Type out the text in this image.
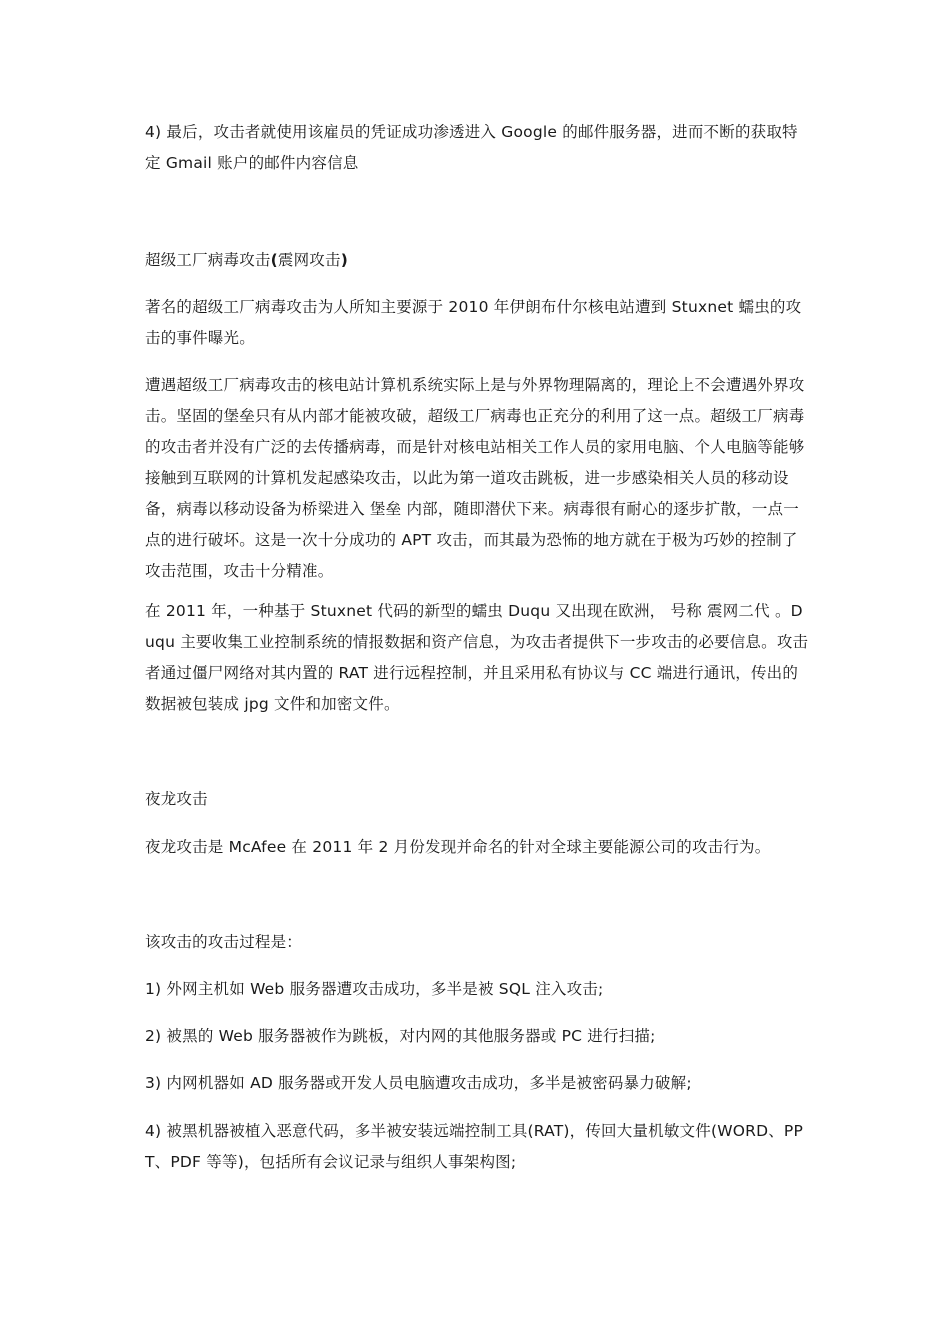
4) 最后，攻击者就使用该雇员的凭证成功渗透进入 Google 的邮件服务器，进而不断的获取特定 Gmail 账户的邮件内容信息

超级工厂病毒攻击(震网攻击)

著名的超级工厂病毒攻击为人所知主要源于 2010 年伊朗布什尔核电站遭到 Stuxnet 蠕虫的攻击的事件曝光。

遭遇超级工厂病毒攻击的核电站计算机系统实际上是与外界物理隔离的，理论上不会遭遇外界攻击。坚固的堡垒只有从内部才能被攻破，超级工厂病毒也正充分的利用了这一点。超级工厂病毒的攻击者并没有广泛的去传播病毒，而是针对核电站相关工作人员的家用电脑、个人电脑等能够接触到互联网的计算机发起感染攻击，以此为第一道攻击跳板，进一步感染相关人员的移动设备，病毒以移动设备为桥梁进入 堡垒 内部，随即潜伏下来。病毒很有耐心的逐步扩散，一点一点的进行破坏。这是一次十分成功的 APT 攻击，而其最为恐怖的地方就在于极为巧妙的控制了攻击范围，攻击十分精准。

在 2011 年，一种基于 Stuxnet 代码的新型的蠕虫 Duqu 又出现在欧洲， 号称 震网二代 。Duqu 主要收集工业控制系统的情报数据和资产信息，为攻击者提供下一步攻击的必要信息。攻击者通过僵尸网络对其内置的 RAT 进行远程控制，并且采用私有协议与 CC 端进行通讯，传出的数据被包装成 jpg 文件和加密文件。

夜龙攻击

夜龙攻击是 McAfee 在 2011 年 2 月份发现并命名的针对全球主要能源公司的攻击行为。

该攻击的攻击过程是：

1) 外网主机如 Web 服务器遭攻击成功，多半是被 SQL 注入攻击;

2) 被黑的 Web 服务器被作为跳板，对内网的其他服务器或 PC 进行扫描;

3) 内网机器如 AD 服务器或开发人员电脑遭攻击成功，多半是被密码暴力破解;

4) 被黑机器被植入恶意代码，多半被安装远端控制工具(RAT)，传回大量机敏文件(WORD、PPT、PDF 等等)，包括所有会议记录与组织人事架构图;
